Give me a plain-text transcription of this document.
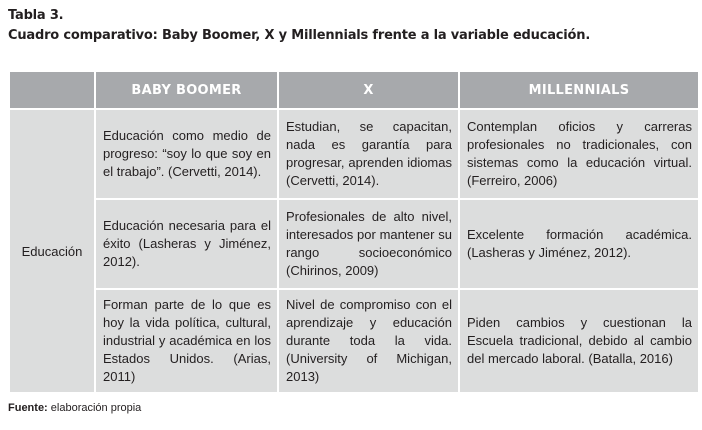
Tabla 3.
Cuadro comparativo: Baby Boomer, X y Millennials frente a la variable educación.
	BABY BOOMER	X	MILLENNIALS
Educación	Educación como medio de progreso: “soy lo que soy en el trabajo”. (Cervetti, 2014).	Estudian, se capacitan, nada es garantía para progresar, aprenden idiomas (Cervetti, 2014).	Contemplan oficios y carreras profesionales no tradicionales, con sistemas como la educación virtual. (Ferreiro, 2006)
	Educación necesaria para el éxito (Lasheras y Jiménez, 2012).	Profesionales de alto nivel, interesados por mantener su rango socioeconómico (Chirinos, 2009)	Excelente formación académica. (Lasheras y Jiménez, 2012).
	Forman parte de lo que es hoy la vida política, cultural, industrial y académica en los Estados Unidos. (Arias, 2011)	Nivel de compromiso con el aprendizaje y educación durante toda la vida. (University of Michigan, 2013)	Piden cambios y cuestionan la Escuela tradicional, debido al cambio del mercado laboral. (Batalla, 2016)
Fuente: elaboración propia
